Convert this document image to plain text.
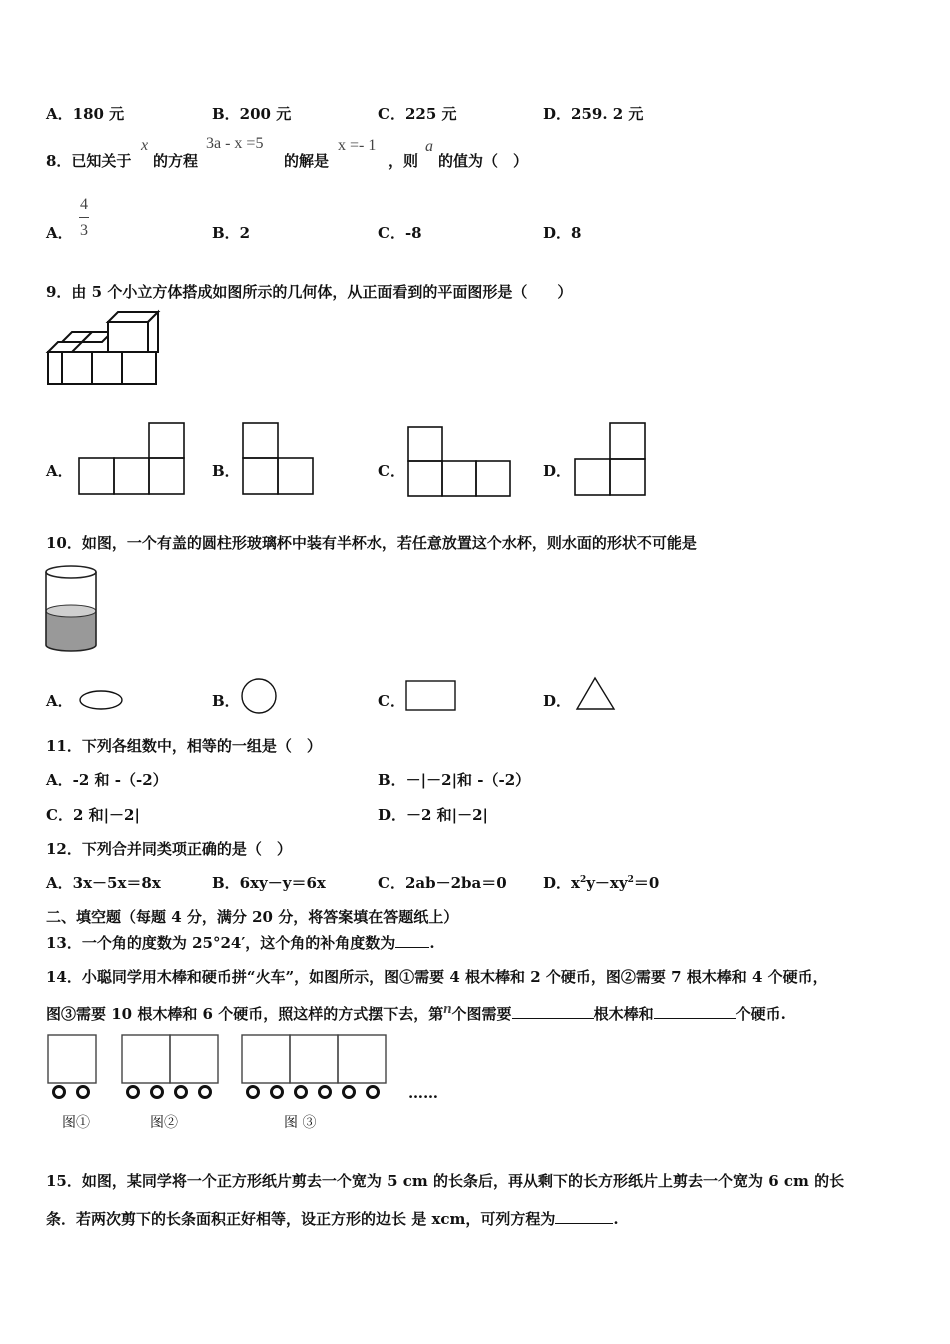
A．180 元	B．200 元	C．225 元	D．259. 2 元
8．已知关于
x
的方程
3a - x =5
的解是
x =- 1
，则
a
的值为（　）
A．
4
3	B．2	C．-8	D．8
9．由 5 个小立方体搭成如图所示的几何体，从正面看到的平面图形是（　　）
A．	B．	C．	D．
10．如图，一个有盖的圆柱形玻璃杯中装有半杯水，若任意放置这个水杯，则水面的形状不可能是
A．	B．	C．	D．
11．下列各组数中，相等的一组是（　）
A．-2 和 -（-2）	B．－|－2|和 -（-2）
C．2 和|－2|	D．－2 和|－2|
12．下列合并同类项正确的是（　）
A．3x－5x＝8x	B．6xy－y＝6x	C．2ab－2ba＝0 D．$x^2y-xy^2=0$
二、填空题（每题 4 分，满分 20 分，将答案填在答题纸上）
13．一个角的度数为 25°24′，这个角的补角度数为 .
14．小聪同学用木棒和硬币拼“火车”，如图所示，图①需要 4 根木棒和 2 个硬币，图②需要 7 根木棒和 4 个硬币，
图③需要 10 根木棒和 6 个硬币，照这样的方式摆下去，第n个图需要	根木棒和	个硬币.
图①	图②	图 ③
……
15．如图，某同学将一个正方形纸片剪去一个宽为 5 cm 的长条后，再从剩下的长方形纸片上剪去一个宽为 6 cm 的长
条．若两次剪下的长条面积正好相等，设正方形的边长 是 xcm，可列方程为	.
